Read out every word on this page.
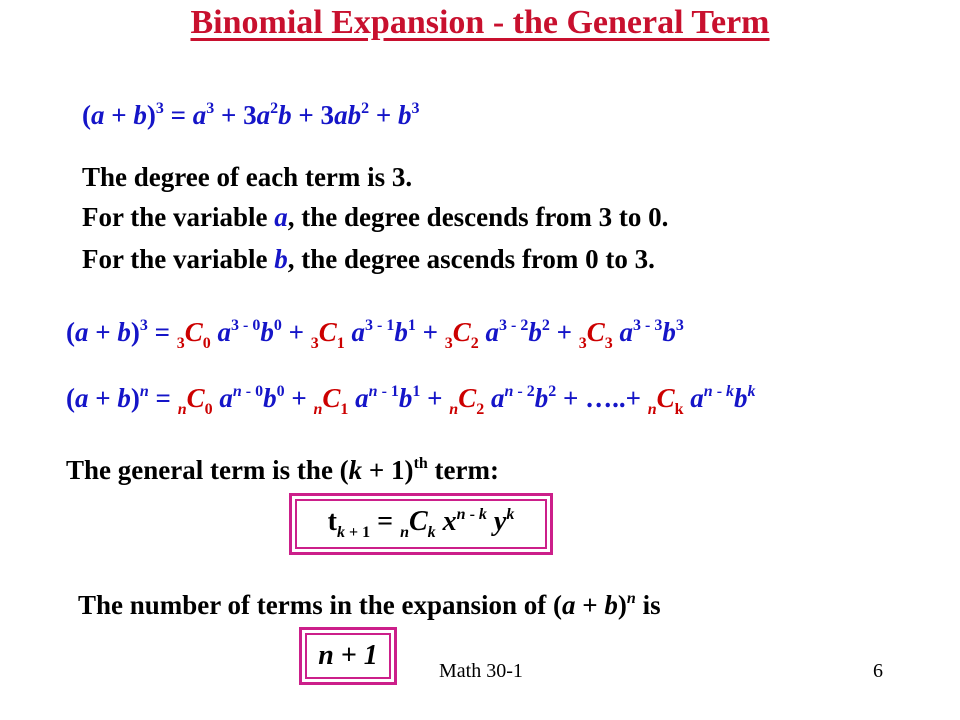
Binomial Expansion - the General Term
$(a + b)^3 = a^3 + 3a^2b + 3ab^2 + b^3$
The degree of each term is 3.
For the variable a, the degree descends from 3 to 0.
For the variable b, the degree ascends from 0 to 3.
$(a + b)^3 = _3C_0$ $a^{3 - 0}b^0 + _3C_1$ $a^{3 - 1}b^1 + _3C_2$ $a^{3 - 2}b^2 + _3C_3$ $a^{3 - 3}b^3$
$(a + b)^n = _nC_0$ $a^{n - 0}b^0 + _nC_1$ $a^{n - 1}b^1 + _nC_2$ $a^{n - 2}b^2$ + …..+ $_nC_k$ $a^{n - k}b^k$
The general term is the $(k + 1)^{th}$ term:
$t_{k + 1} = _nC_k$ $x^{n - k}$ $y^k$
The number of terms in the expansion of $(a + b)^n$ is
n + 1	Math 30-1	6
